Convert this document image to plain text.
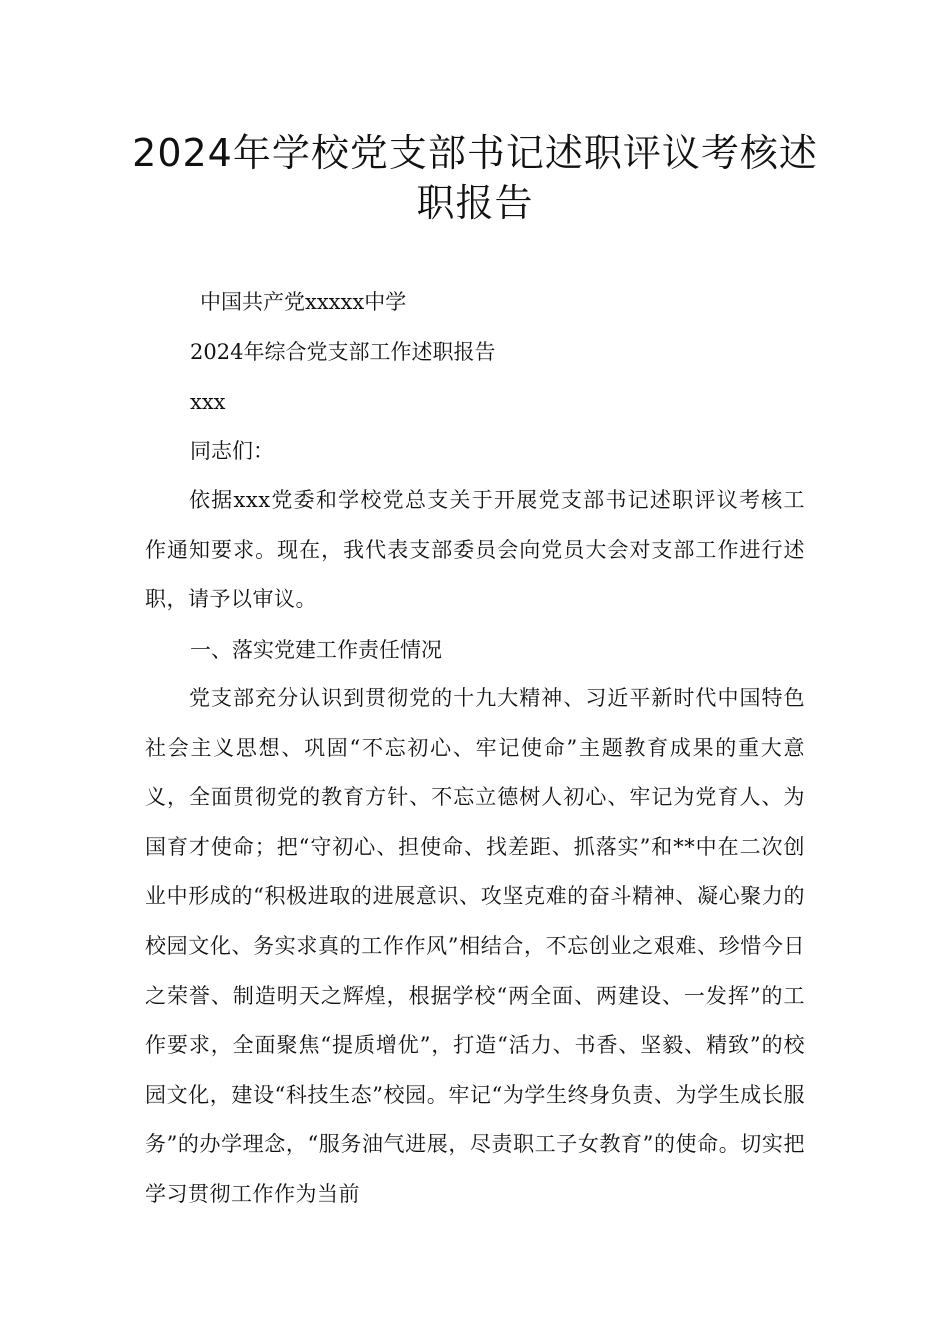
2024年学校党支部书记述职评议考核述
职报告
中国共产党xxxxx中学
2024年综合党支部工作述职报告
xxx
同志们：

依据xxx党委和学校党总支关于开展党支部书记述职评议考核工作通知要求。现在，我代表支部委员会向党员大会对支部工作进行述职，请予以审议。

一、落实党建工作责任情况

党支部充分认识到贯彻党的十九大精神、习近平新时代中国特色社会主义思想、巩固“不忘初心、牢记使命”主题教育成果的重大意义，全面贯彻党的教育方针、不忘立德树人初心、牢记为党育人、为国育才使命；把“守初心、担使命、找差距、抓落实”和**中在二次创业中形成的“积极进取的进展意识、攻坚克难的奋斗精神、凝心聚力的校园文化、务实求真的工作作风”相结合，不忘创业之艰难、珍惜今日之荣誉、制造明天之辉煌，根据学校“两全面、两建设、一发挥”的工作要求，全面聚焦“提质增优”，打造“活力、书香、坚毅、精致”的校园文化，建设“科技生态”校园。牢记“为学生终身负责、为学生成长服务”的办学理念，“服务油气进展，尽责职工子女教育”的使命。切实把学习贯彻工作作为当前
